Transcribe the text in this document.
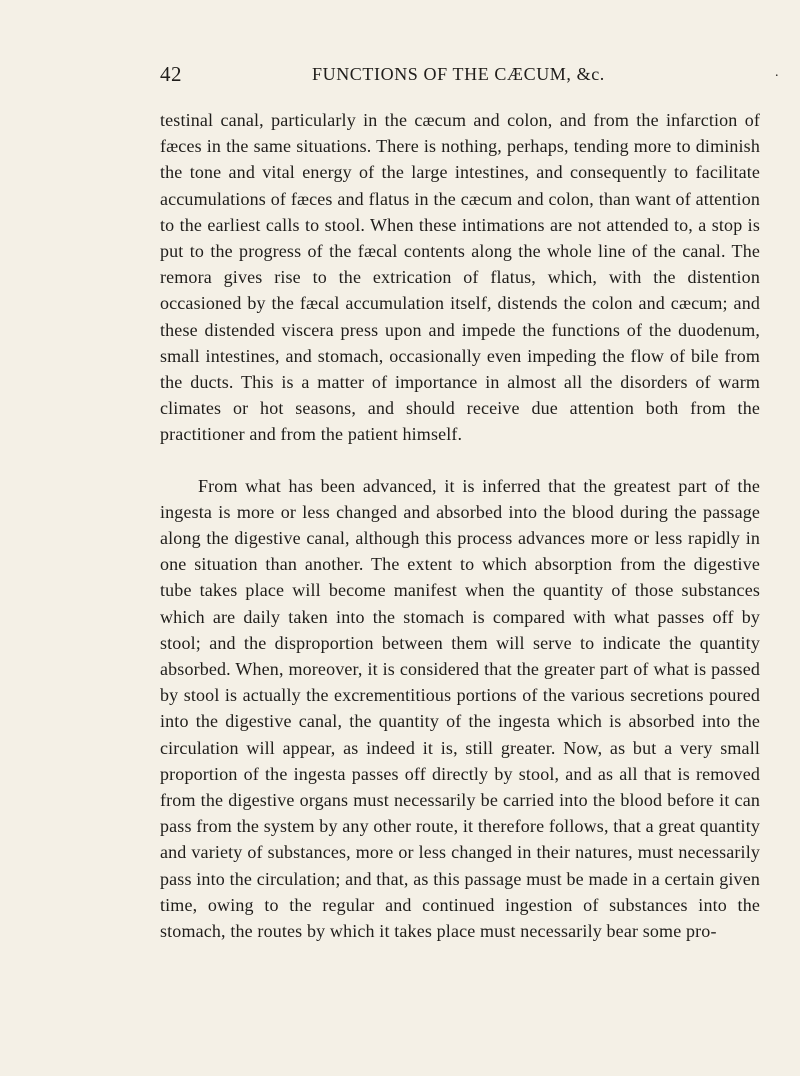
42	FUNCTIONS OF THE CÆCUM, &c.	.

testinal canal, particularly in the cæcum and colon, and from the infarction of fæces in the same situations. There is nothing, perhaps, tending more to diminish the tone and vital energy of the large intestines, and consequently to facilitate accumulations of fæces and flatus in the cæcum and colon, than want of attention to the earliest calls to stool. When these intimations are not attended to, a stop is put to the progress of the fæcal contents along the whole line of the canal. The remora gives rise to the extrication of flatus, which, with the distention occasioned by the fæcal accumulation itself, distends the colon and cæcum; and these distended viscera press upon and impede the functions of the duodenum, small intestines, and stomach, occasionally even impeding the flow of bile from the ducts. This is a matter of importance in almost all the disorders of warm climates or hot seasons, and should receive due attention both from the practitioner and from the patient himself.

From what has been advanced, it is inferred that the greatest part of the ingesta is more or less changed and absorbed into the blood during the passage along the digestive canal, although this process advances more or less rapidly in one situation than another. The extent to which absorption from the digestive tube takes place will become manifest when the quantity of those substances which are daily taken into the stomach is compared with what passes off by stool; and the disproportion between them will serve to indicate the quantity absorbed. When, moreover, it is considered that the greater part of what is passed by stool is actually the excrementitious portions of the various secretions poured into the digestive canal, the quantity of the ingesta which is absorbed into the circulation will appear, as indeed it is, still greater. Now, as but a very small proportion of the ingesta passes off directly by stool, and as all that is removed from the digestive organs must necessarily be carried into the blood before it can pass from the system by any other route, it therefore follows, that a great quantity and variety of substances, more or less changed in their natures, must necessarily pass into the circulation; and that, as this passage must be made in a certain given time, owing to the regular and continued ingestion of substances into the stomach, the routes by which it takes place must necessarily bear some pro-
